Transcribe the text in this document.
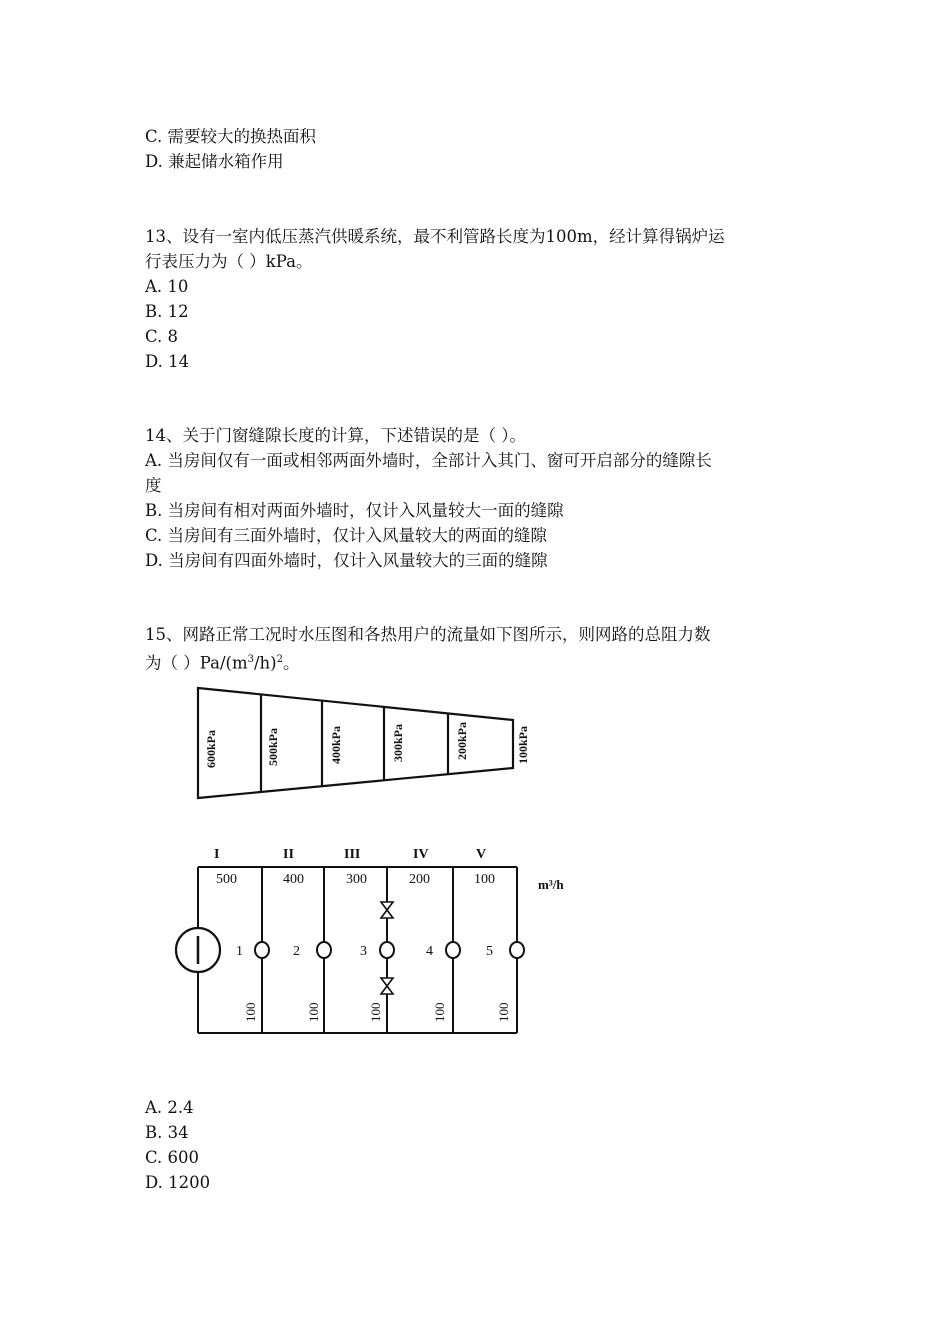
C. 需要较大的换热面积
D. 兼起储水箱作用
13、设有一室内低压蒸汽供暖系统，最不利管路长度为100m，经计算得锅炉运
行表压力为（ ）kPa。
A. 10
B. 12
C. 8
D. 14
14、关于门窗缝隙长度的计算，下述错误的是（ ）。
A. 当房间仅有一面或相邻两面外墙时，全部计入其门、窗可开启部分的缝隙长
度
B. 当房间有相对两面外墙时，仅计入风量较大一面的缝隙
C. 当房间有三面外墙时，仅计入风量较大的两面的缝隙
D. 当房间有四面外墙时，仅计入风量较大的三面的缝隙
15、网路正常工况时水压图和各热用户的流量如下图所示，则网路的总阻力数
为（ ）$Pa/(m^3/h)^2$。
600kPa	500kPa	400kPa	300kPa	200kPa	100kPa
I	II	III	IV	V
500	400	300	200	100	m³/h
1	2	3	4	5
100	100	100	100	100
A. 2.4
B. 34
C. 600
D. 1200
